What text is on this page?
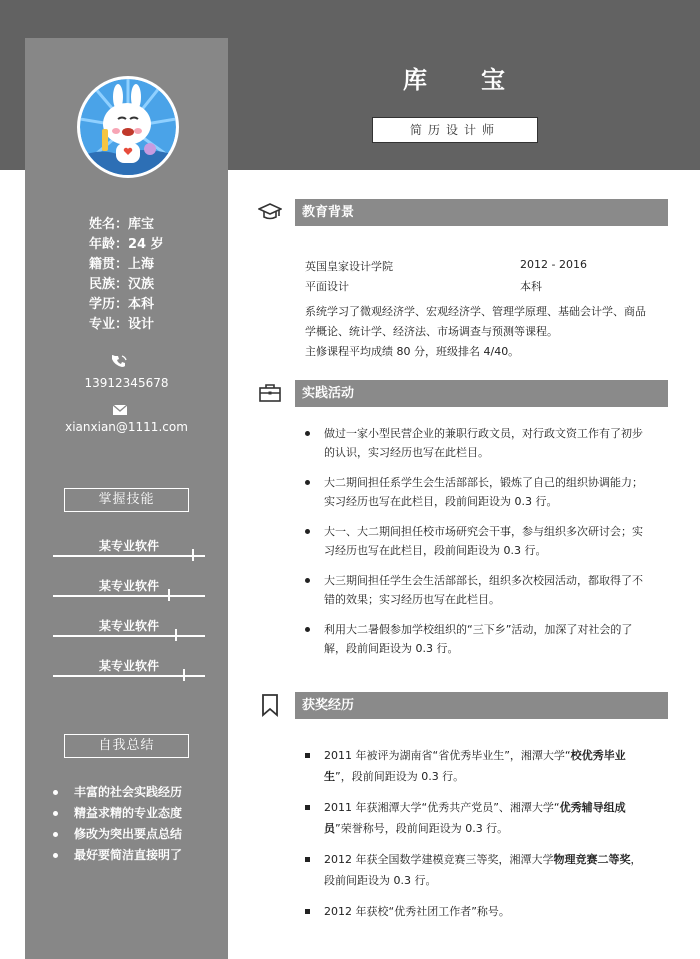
姓名：库宝
年龄：24 岁
籍贯：上海
民族：汉族
学历：本科
专业：设计
13912345678
xianxian@1111.com
掌握技能
某专业软件
某专业软件
某专业软件
某专业软件
自我总结
丰富的社会实践经历
精益求精的专业态度
修改为突出要点总结
最好要简洁直接明了
库　　宝
简历设计师
教育背景
英国皇家设计学院	2012 - 2016
平面设计	本科
系统学习了微观经济学、宏观经济学、管理学原理、基础会计学、商品学概论、统计学、经济法、市场调查与预测等课程。
主修课程平均成绩 80 分，班级排名 4/40。
实践活动
做过一家小型民营企业的兼职行政文员，对行政文资工作有了初步的认识，实习经历也写在此栏目。
大二期间担任系学生会生活部部长，锻炼了自己的组织协调能力；实习经历也写在此栏目，段前间距设为 0.3 行。
大一、大二期间担任校市场研究会干事，参与组织多次研讨会；实习经历也写在此栏目，段前间距设为 0.3 行。
大三期间担任学生会生活部部长，组织多次校园活动，都取得了不错的效果；实习经历也写在此栏目。
利用大二暑假参加学校组织的“三下乡”活动，加深了对社会的了解，段前间距设为 0.3 行。
获奖经历
2011 年被评为湖南省“省优秀毕业生”，湘潭大学“校优秀毕业生”，段前间距设为 0.3 行。
2011 年获湘潭大学“优秀共产党员”、湘潭大学“优秀辅导组成员”荣誉称号，段前间距设为 0.3 行。
2012 年获全国数学建模竞赛三等奖，湘潭大学物理竞赛二等奖，段前间距设为 0.3 行。
2012 年获校“优秀社团工作者”称号。
